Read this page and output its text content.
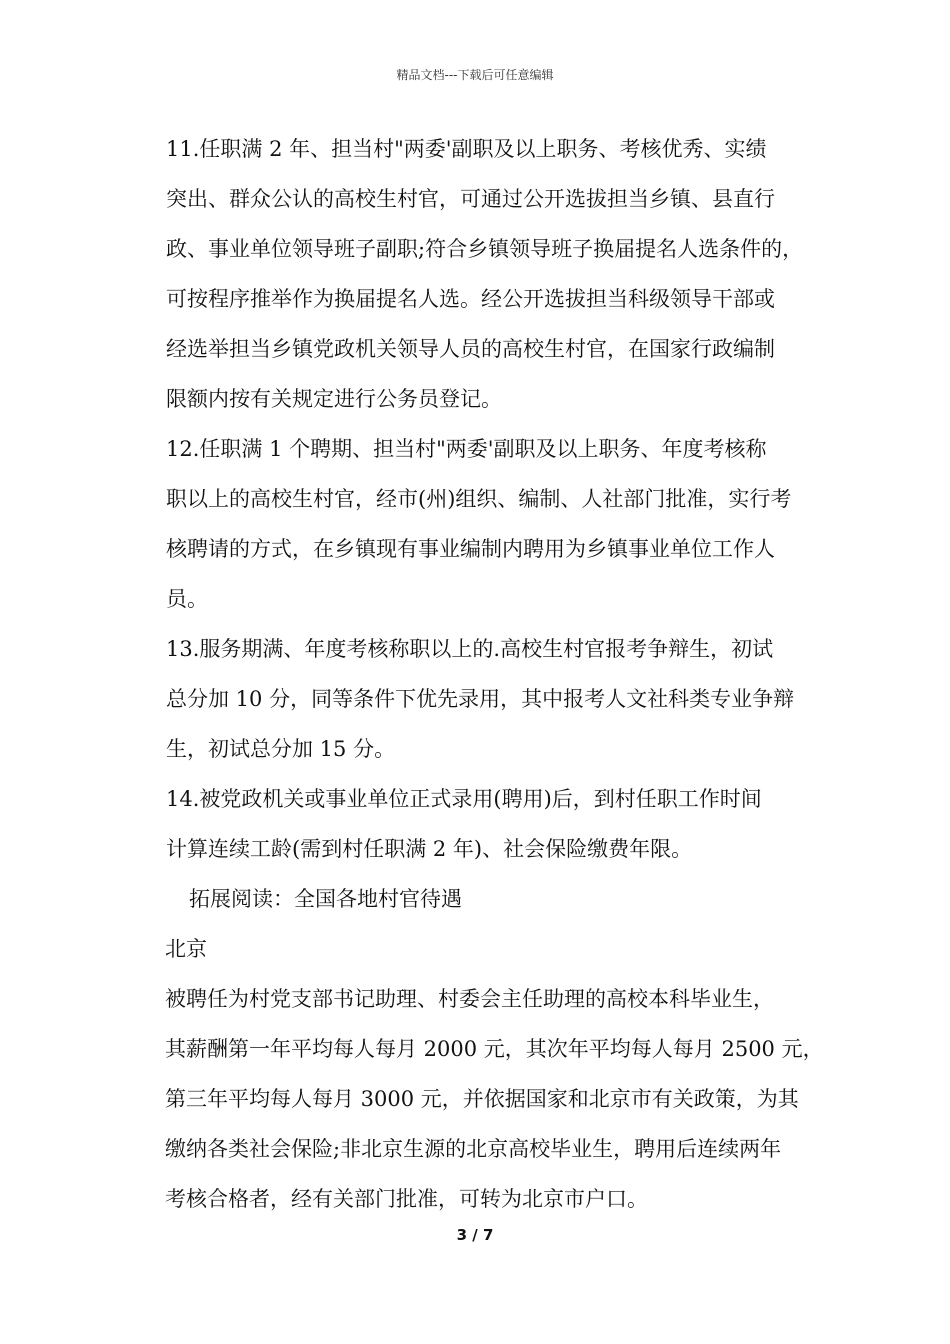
精品文档---下载后可任意编辑

11.任职满 2 年、担当村"两委'副职及以上职务、考核优秀、实绩
突出、群众公认的高校生村官，可通过公开选拔担当乡镇、县直行
政、事业单位领导班子副职;符合乡镇领导班子换届提名人选条件的，
可按程序推举作为换届提名人选。经公开选拔担当科级领导干部或
经选举担当乡镇党政机关领导人员的高校生村官，在国家行政编制
限额内按有关规定进行公务员登记。

12.任职满 1 个聘期、担当村"两委'副职及以上职务、年度考核称
职以上的高校生村官，经市(州)组织、编制、人社部门批准，实行考
核聘请的方式，在乡镇现有事业编制内聘用为乡镇事业单位工作人
员。

13.服务期满、年度考核称职以上的.高校生村官报考争辩生，初试
总分加 10 分，同等条件下优先录用，其中报考人文社科类专业争辩
生，初试总分加 15 分。

14.被党政机关或事业单位正式录用(聘用)后，到村任职工作时间
计算连续工龄(需到村任职满 2 年)、社会保险缴费年限。

拓展阅读：全国各地村官待遇

北京

被聘任为村党支部书记助理、村委会主任助理的高校本科毕业生，
其薪酬第一年平均每人每月 2000 元，其次年平均每人每月 2500 元，
第三年平均每人每月 3000 元，并依据国家和北京市有关政策，为其
缴纳各类社会保险;非北京生源的北京高校毕业生，聘用后连续两年
考核合格者，经有关部门批准，可转为北京市户口。

3 / 7
